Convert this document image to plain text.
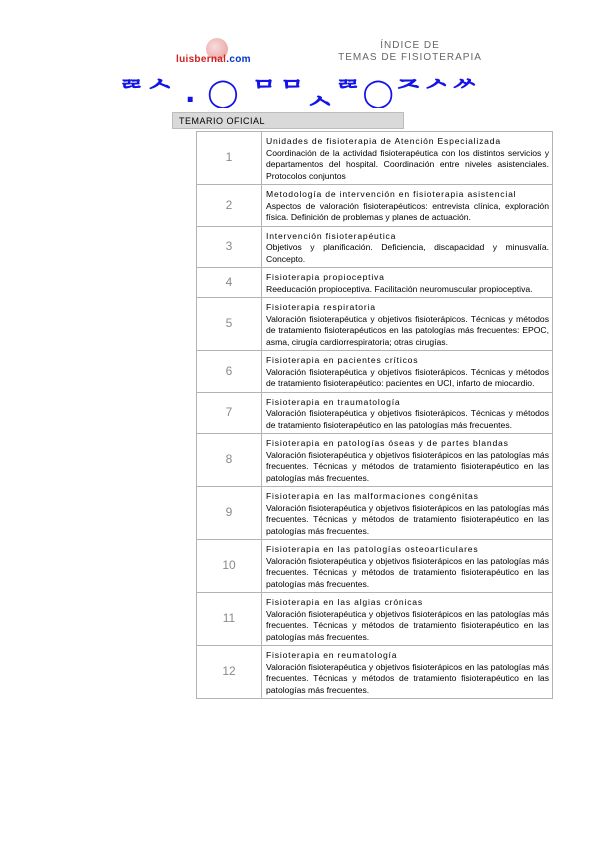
luisbernal.com
ÍNDICE DE
TEMAS DE FISIOTERAPIA
ᄙᄉ . ◯ ᄆᄆᆺᄙ◯ᄌᄼᄽ
TEMARIO OFICIAL
1	Unidades de fisioterapia de Atención Especializada
Coordinación de la actividad fisioterapéutica con los distintos servicios y departamentos del hospital. Coordinación entre niveles asistenciales. Protocolos conjuntos

2	Metodología de intervención en fisioterapia asistencial
Aspectos de valoración fisioterapéuticos: entrevista clínica, exploración física. Definición de problemas y planes de actuación.

3	Intervención fisioterapéutica
Objetivos y planificación. Deficiencia, discapacidad y minusvalía. Concepto.

4	Fisioterapia propioceptiva
Reeducación propioceptiva. Facilitación neuromuscular propioceptiva.

5	Fisioterapia respiratoria
Valoración fisioterapéutica y objetivos fisioterápicos. Técnicas y métodos de tratamiento fisioterapéuticos en las patologías más frecuentes: EPOC, asma, cirugía cardiorrespiratoria; otras cirugías.

6	Fisioterapia en pacientes críticos
Valoración fisioterapéutica y objetivos fisioterápicos. Técnicas y métodos de tratamiento fisioterapéutico: pacientes en UCI, infarto de miocardio.

7	Fisioterapia en traumatología
Valoración fisioterapéutica y objetivos fisioterápicos. Técnicas y métodos de tratamiento fisioterapéutico en las patologías más frecuentes.

8	Fisioterapia en patologías óseas y de partes blandas
Valoración fisioterapéutica y objetivos fisioterápicos en las patologías más frecuentes. Técnicas y métodos de tratamiento fisioterapéutico en las patologías más frecuentes.

9	Fisioterapia en las malformaciones congénitas
Valoración fisioterapéutica y objetivos fisioterápicos en las patologías más frecuentes. Técnicas y métodos de tratamiento fisioterapéutico en las patologías más frecuentes.

10	Fisioterapia en las patologías osteoarticulares
Valoración fisioterapéutica y objetivos fisioterápicos en las patologías más frecuentes. Técnicas y métodos de tratamiento fisioterapéutico en las patologías más frecuentes.

11	Fisioterapia en las algias crónicas
Valoración fisioterapéutica y objetivos fisioterápicos en las patologías más frecuentes. Técnicas y métodos de tratamiento fisioterapéutico en las patologías más frecuentes.

12	Fisioterapia en reumatología
Valoración fisioterapéutica y objetivos fisioterápicos en las patologías más frecuentes. Técnicas y métodos de tratamiento fisioterapéutico en las patologías más frecuentes.
